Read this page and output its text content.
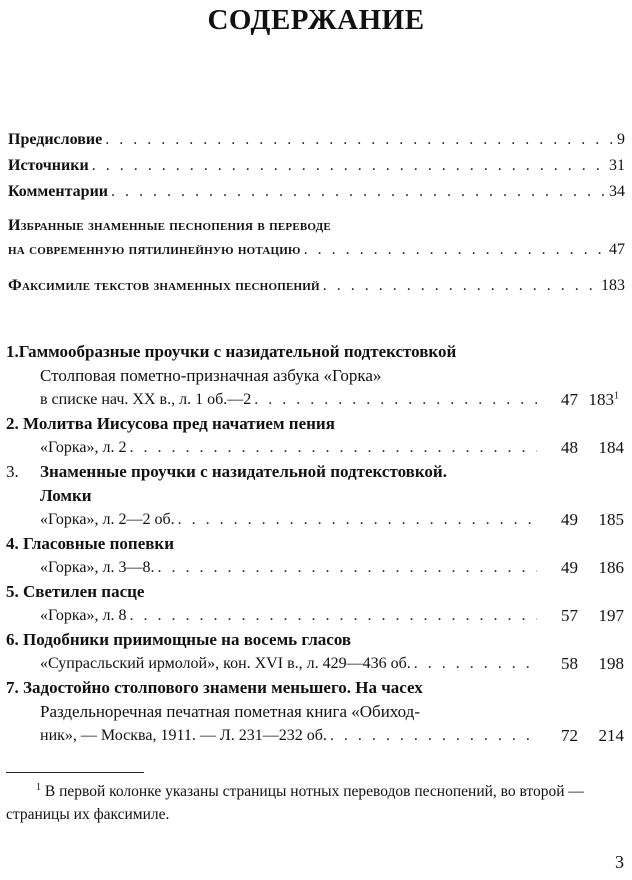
СОДЕРЖАНИЕ
Предисловие . . .	9
Источники . . .	31
Комментарии . . .	34
Избранные знаменные песнопения в переводе
на современную пятилинейную нотацию . . .	47
Факсимиле текстов знаменных песнопений . . .	183
1.Гаммообразные проучки с назидательной подтекстовкой
Столповая пометно-призначная азбука «Горка»
в списке нач. XX в., л. 1 об.—2 . . .	47 183$^1$
2. Молитва Иисусова пред начатием пения
«Горка», л. 2 . . .	48	184
3. Знаменные проучки с назидательной подтекстовкой.
Ломки
«Горка», л. 2—2 об. . . .	49	185
4. Гласовные попевки
«Горка», л. 3—8. . . .	49	186
5. Светилен пасце
«Горка», л. 8 . . .	57	197
6. Подобники приимощные на восемь гласов
«Супрасльский ирмолой», кон. XVI в., л. 429—436 об. . . .	58	198
7. Задостойно столпового знамени меньшего. На часех
Раздельноречная печатная пометная книга «Обиход-
ник», — Москва, 1911. — Л. 231—232 об. . . .	72	214
$^1$ В первой колонке указаны страницы нотных переводов песнопений, во второй — страницы их факсимиле.
3
